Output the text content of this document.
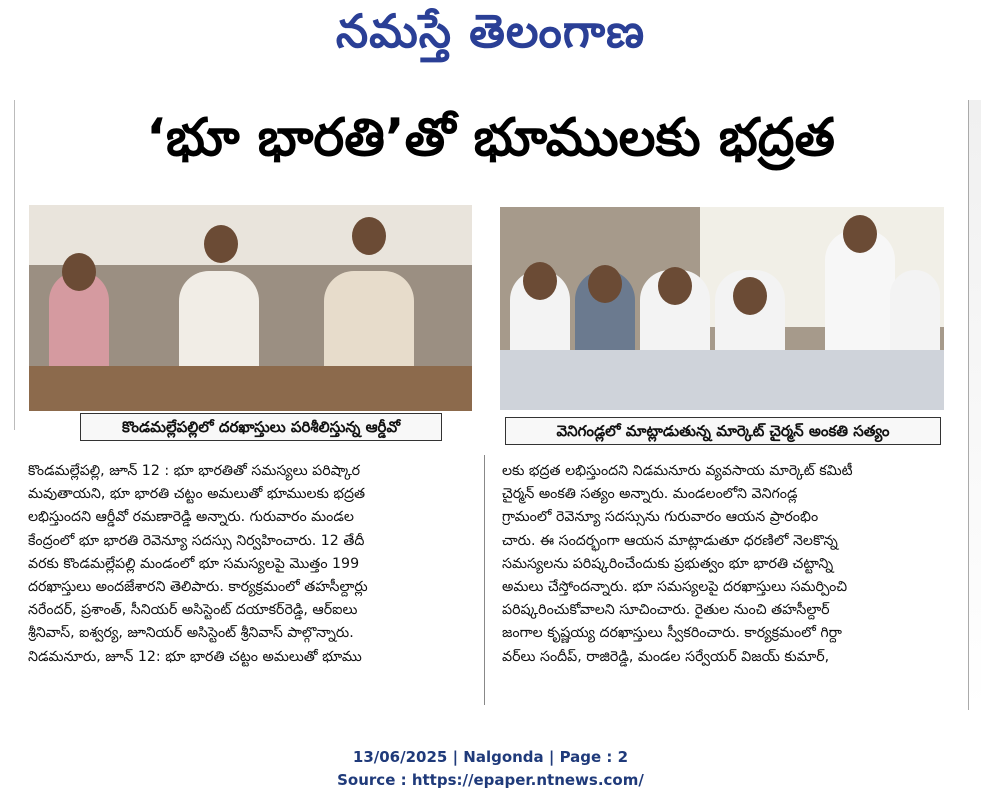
నమస్తే తెలంగాణ
‘భూ భారతి’తో భూములకు భద్రత
కొండమల్లేపల్లిలో దరఖాస్తులు పరిశీలిస్తున్న ఆర్డీవో	వెనిగండ్లలో మాట్లాడుతున్న మార్కెట్ చైర్మన్ అంకతి సత్యం

కొండమల్లేపల్లి, జూన్ 12 : భూ భారతితో సమస్యలు పరిష్కార

మవుతాయని, భూ భారతి చట్టం అమలుతో భూములకు భద్రత

లభిస్తుందని ఆర్డీవో రమణారెడ్డి అన్నారు. గురువారం మండల

కేంద్రంలో భూ భారతి రెవెన్యూ సదస్సు నిర్వహించారు. 12 తేదీ

వరకు కొండమల్లేపల్లి మండంలో భూ సమస్యలపై మొత్తం 199

దరఖాస్తులు అందజేశారని తెలిపారు. కార్యక్రమంలో తహసీల్దార్లు

నరేందర్, ప్రశాంత్, సీనియర్ అసిస్టెంట్ దయాకర్‌రెడ్డి, ఆర్ఐలు

శ్రీనివాస్, ఐశ్వర్య, జూనియర్ అసిస్టెంట్ శ్రీనివాస్ పాల్గొన్నారు.

నిడమనూరు, జూన్ 12: భూ భారతి చట్టం అమలుతో భూము

లకు భద్రత లభిస్తుందని నిడమనూరు వ్యవసాయ మార్కెట్ కమిటీ

చైర్మన్ అంకతి సత్యం అన్నారు. మండలంలోని వెనిగండ్ల

గ్రామంలో రెవెన్యూ సదస్సును గురువారం ఆయన ప్రారంభిం

చారు. ఈ సందర్భంగా ఆయన మాట్లాడుతూ ధరణిలో నెలకొన్న

సమస్యలను పరిష్కరించేందుకు ప్రభుత్వం భూ భారతి చట్టాన్ని

అమలు చేస్తోందన్నారు. భూ సమస్యలపై దరఖాస్తులు సమర్పించి

పరిష్కరించుకోవాలని సూచించారు. రైతుల నుంచి తహసీల్దార్

జంగాల కృష్ణయ్య దరఖాస్తులు స్వీకరించారు. కార్యక్రమంలో గిర్దా

వర్‌లు సందీప్, రాజిరెడ్డి, మండల సర్వేయర్ విజయ్ కుమార్,

13/06/2025 | Nalgonda | Page : 2
Source : https://epaper.ntnews.com/
